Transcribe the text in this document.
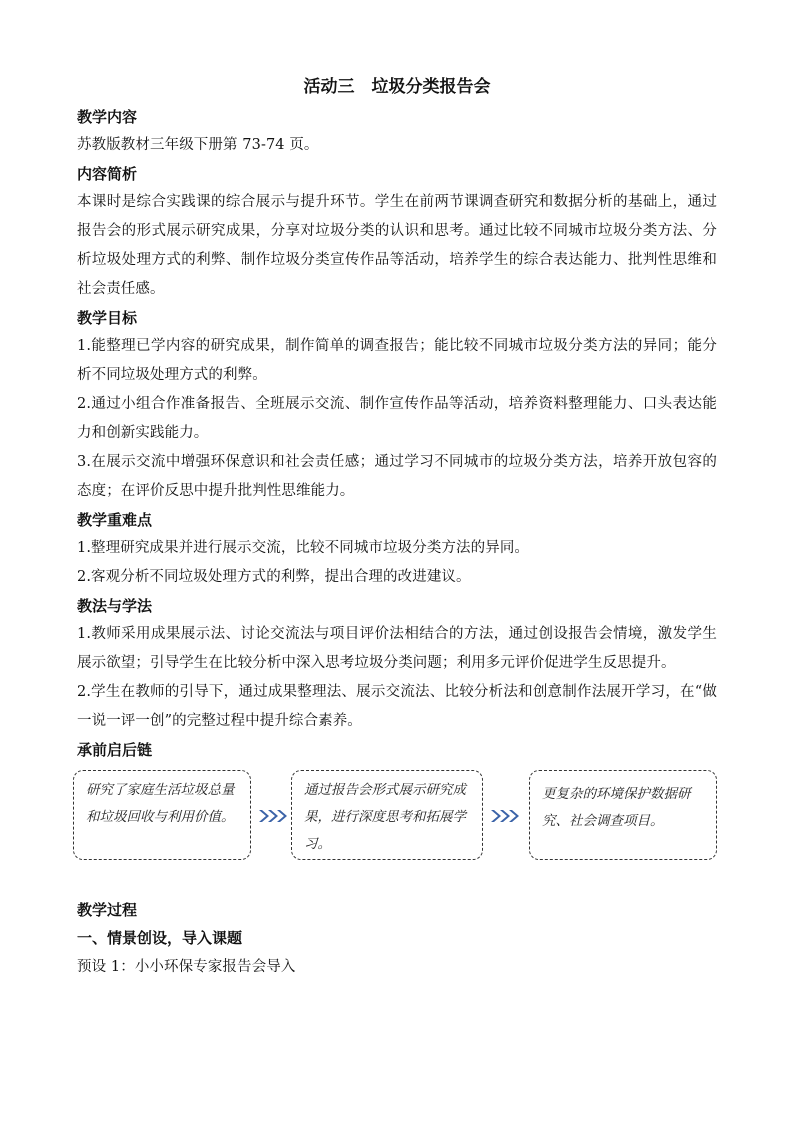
活动三　垃圾分类报告会
教学内容
苏教版教材三年级下册第 73-74 页。
内容简析
本课时是综合实践课的综合展示与提升环节。学生在前两节课调查研究和数据分析的基础上，通过报告会的形式展示研究成果，分享对垃圾分类的认识和思考。通过比较不同城市垃圾分类方法、分析垃圾处理方式的利弊、制作垃圾分类宣传作品等活动，培养学生的综合表达能力、批判性思维和社会责任感。
教学目标
1.能整理已学内容的研究成果，制作简单的调查报告；能比较不同城市垃圾分类方法的异同；能分析不同垃圾处理方式的利弊。
2.通过小组合作准备报告、全班展示交流、制作宣传作品等活动，培养资料整理能力、口头表达能力和创新实践能力。
3.在展示交流中增强环保意识和社会责任感；通过学习不同城市的垃圾分类方法，培养开放包容的态度；在评价反思中提升批判性思维能力。
教学重难点
1.整理研究成果并进行展示交流，比较不同城市垃圾分类方法的异同。
2.客观分析不同垃圾处理方式的利弊，提出合理的改进建议。
教法与学法
1.教师采用成果展示法、讨论交流法与项目评价法相结合的方法，通过创设报告会情境，激发学生展示欲望；引导学生在比较分析中深入思考垃圾分类问题；利用多元评价促进学生反思提升。
2.学生在教师的引导下，通过成果整理法、展示交流法、比较分析法和创意制作法展开学习，在“做一说一评一创”的完整过程中提升综合素养。
承前启后链
研究了家庭生活垃圾总量和垃圾回收与利用价值。
通过报告会形式展示研究成果，进行深度思考和拓展学习。
更复杂的环境保护数据研究、社会调查项目。
教学过程
一、情景创设，导入课题
预设 1：小小环保专家报告会导入
